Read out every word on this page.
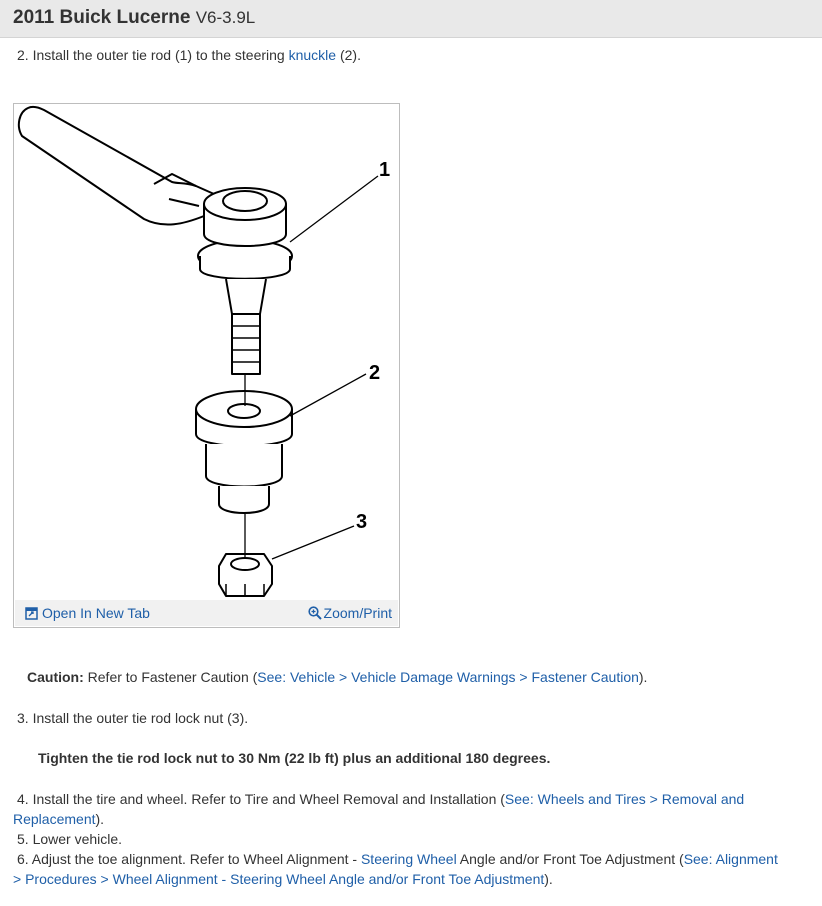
2011 Buick Lucerne V6-3.9L
2. Install the outer tie rod (1) to the steering knuckle (2).
1
2
3
Open In New Tab	Zoom/Print
Caution: Refer to Fastener Caution (See: Vehicle > Vehicle Damage Warnings > Fastener Caution).
3. Install the outer tie rod lock nut (3).
Tighten the tie rod lock nut to 30 Nm (22 lb ft) plus an additional 180 degrees.
4. Install the tire and wheel. Refer to Tire and Wheel Removal and Installation (See: Wheels and Tires > Removal and
Replacement).
5. Lower vehicle.
6. Adjust the toe alignment. Refer to Wheel Alignment - Steering Wheel Angle and/or Front Toe Adjustment (See: Alignment
> Procedures > Wheel Alignment - Steering Wheel Angle and/or Front Toe Adjustment).
